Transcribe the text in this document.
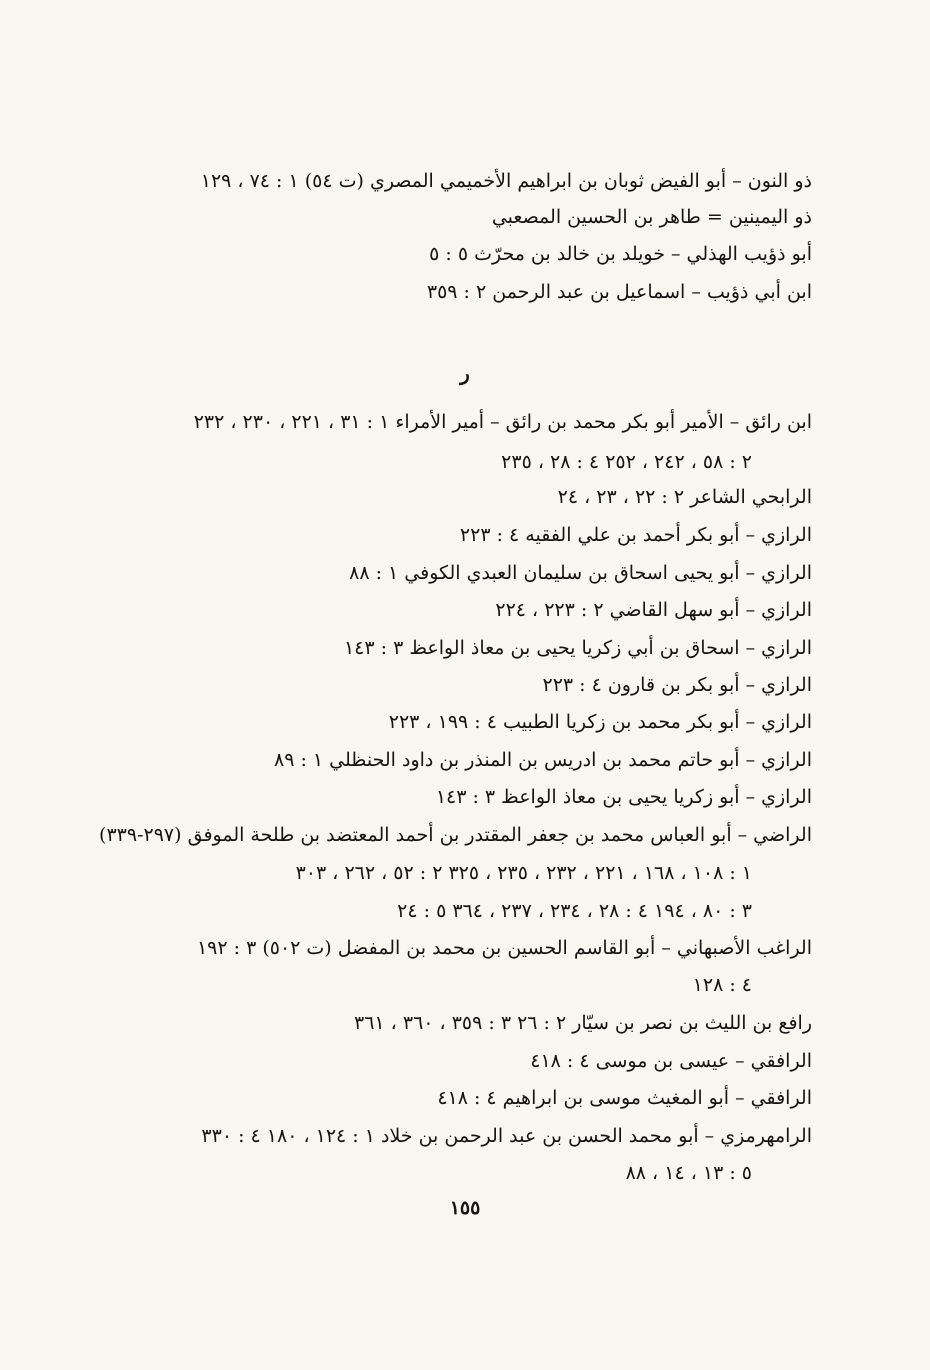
ذو النون – أبو الفيض ثوبان بن ابراهيم الأخميمي المصري (ت ٥٤) ١ : ٧٤ ، ١٢٩
ذو اليمينين = طاهر بن الحسين المصعبي
أبو ذؤيب الهذلي – خويلد بن خالد بن محرّث ٥ : ٥
ابن أبي ذؤيب – اسماعيل بن عبد الرحمن ٢ : ٣٥٩
ر
ابن رائق – الأمير أبو بكر محمد بن رائق – أمير الأمراء ١ : ٣١ ، ٢٢١ ، ٢٣٠ ، ٢٣٢
٢ : ٥٨ ، ٢٤٢ ، ٢٥٢ ٤ : ٢٨ ، ٢٣٥
الرابحي الشاعر ٢ : ٢٢ ، ٢٣ ، ٢٤
الرازي – أبو بكر أحمد بن علي الفقيه ٤ : ٢٢٣
الرازي – أبو يحيى اسحاق بن سليمان العبدي الكوفي ١ : ٨٨
الرازي – أبو سهل القاضي ٢ : ٢٢٣ ، ٢٢٤
الرازي – اسحاق بن أبي زكريا يحيى بن معاذ الواعظ ٣ : ١٤٣
الرازي – أبو بكر بن قارون ٤ : ٢٢٣
الرازي – أبو بكر محمد بن زكريا الطبيب ٤ : ١٩٩ ، ٢٢٣
الرازي – أبو حاتم محمد بن ادريس بن المنذر بن داود الحنظلي ١ : ٨٩
الرازي – أبو زكريا يحيى بن معاذ الواعظ ٣ : ١٤٣
الراضي – أبو العباس محمد بن جعفر المقتدر بن أحمد المعتضد بن طلحة الموفق (٢٩٧-٣٣٩)
١ : ١٠٨ ، ١٦٨ ، ٢٢١ ، ٢٣٢ ، ٢٣٥ ، ٣٢٥ ٢ : ٥٢ ، ٢٦٢ ، ٣٠٣
٣ : ٨٠ ، ١٩٤ ٤ : ٢٨ ، ٢٣٤ ، ٢٣٧ ، ٣٦٤ ٥ : ٢٤
الراغب الأصبهاني – أبو القاسم الحسين بن محمد بن المفضل (ت ٥٠٢) ٣ : ١٩٢
٤ : ١٢٨
رافع بن الليث بن نصر بن سيّار ٢ : ٢٦ ٣ : ٣٥٩ ، ٣٦٠ ، ٣٦١
الرافقي – عيسى بن موسى ٤ : ٤١٨
الرافقي – أبو المغيث موسى بن ابراهيم ٤ : ٤١٨
الرامهرمزي – أبو محمد الحسن بن عبد الرحمن بن خلاد ١ : ١٢٤ ، ١٨٠ ٤ : ٣٣٠
٥ : ١٣ ، ١٤ ، ٨٨
١٥٥
